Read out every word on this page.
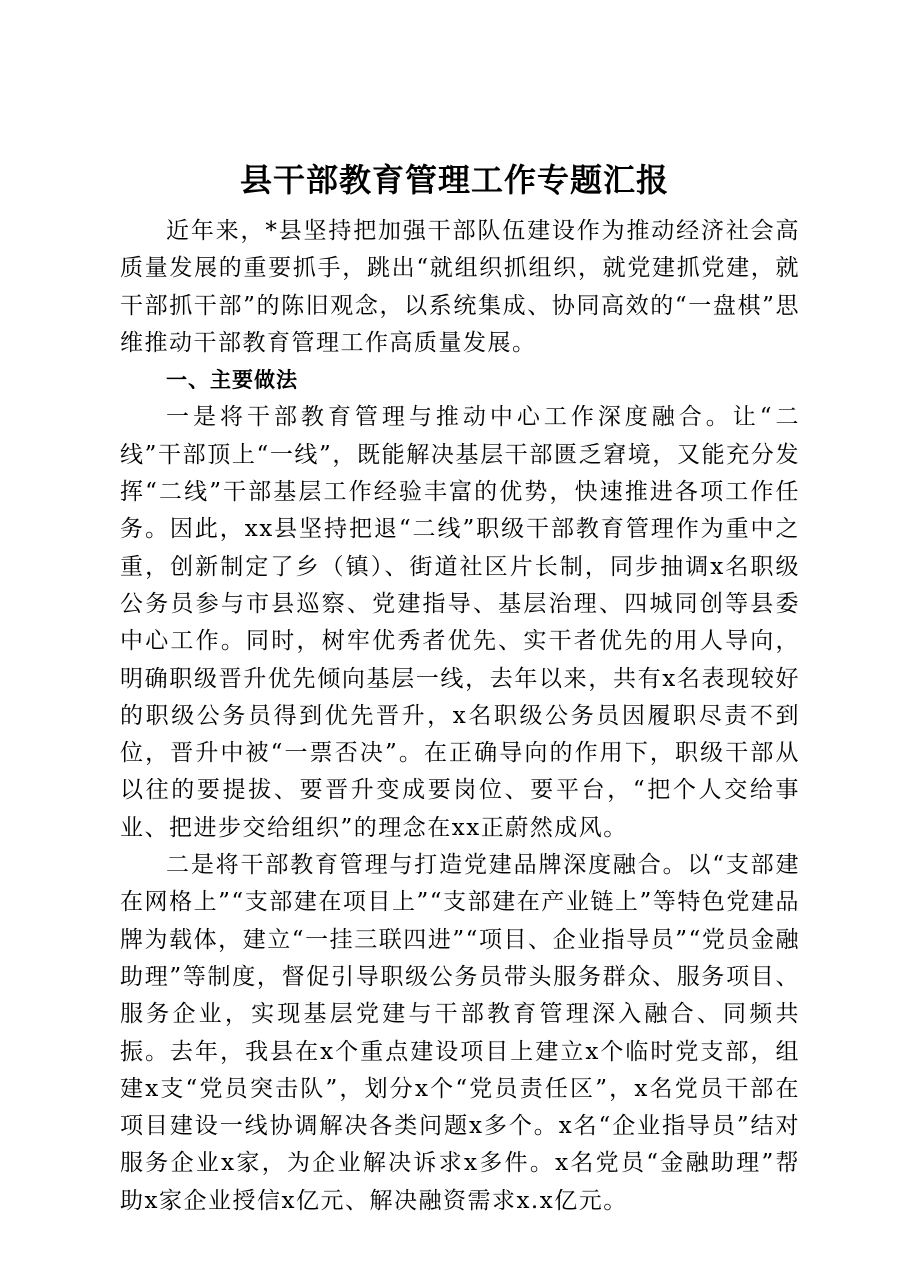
县干部教育管理工作专题汇报

近年来，*县坚持把加强干部队伍建设作为推动经济社会高质量发展的重要抓手，跳出“就组织抓组织，就党建抓党建，就干部抓干部”的陈旧观念，以系统集成、协同高效的“一盘棋”思维推动干部教育管理工作高质量发展。

一、主要做法

一是将干部教育管理与推动中心工作深度融合。让“二线”干部顶上“一线”，既能解决基层干部匮乏窘境，又能充分发挥“二线”干部基层工作经验丰富的优势，快速推进各项工作任务。因此，xx县坚持把退“二线”职级干部教育管理作为重中之重，创新制定了乡（镇）、街道社区片长制，同步抽调x名职级公务员参与市县巡察、党建指导、基层治理、四城同创等县委中心工作。同时，树牢优秀者优先、实干者优先的用人导向，明确职级晋升优先倾向基层一线，去年以来，共有x名表现较好的职级公务员得到优先晋升，x名职级公务员因履职尽责不到位，晋升中被“一票否决”。在正确导向的作用下，职级干部从以往的要提拔、要晋升变成要岗位、要平台，“把个人交给事业、把进步交给组织”的理念在xx正蔚然成风。

二是将干部教育管理与打造党建品牌深度融合。以“支部建在网格上”“支部建在项目上”“支部建在产业链上”等特色党建品牌为载体，建立“一挂三联四进”“项目、企业指导员”“党员金融助理”等制度，督促引导职级公务员带头服务群众、服务项目、服务企业，实现基层党建与干部教育管理深入融合、同频共振。去年，我县在x个重点建设项目上建立x个临时党支部，组建x支“党员突击队”，划分x个“党员责任区”，x名党员干部在项目建设一线协调解决各类问题x多个。x名“企业指导员”结对服务企业x家，为企业解决诉求x多件。x名党员“金融助理”帮助x家企业授信x亿元、解决融资需求x.x亿元。
